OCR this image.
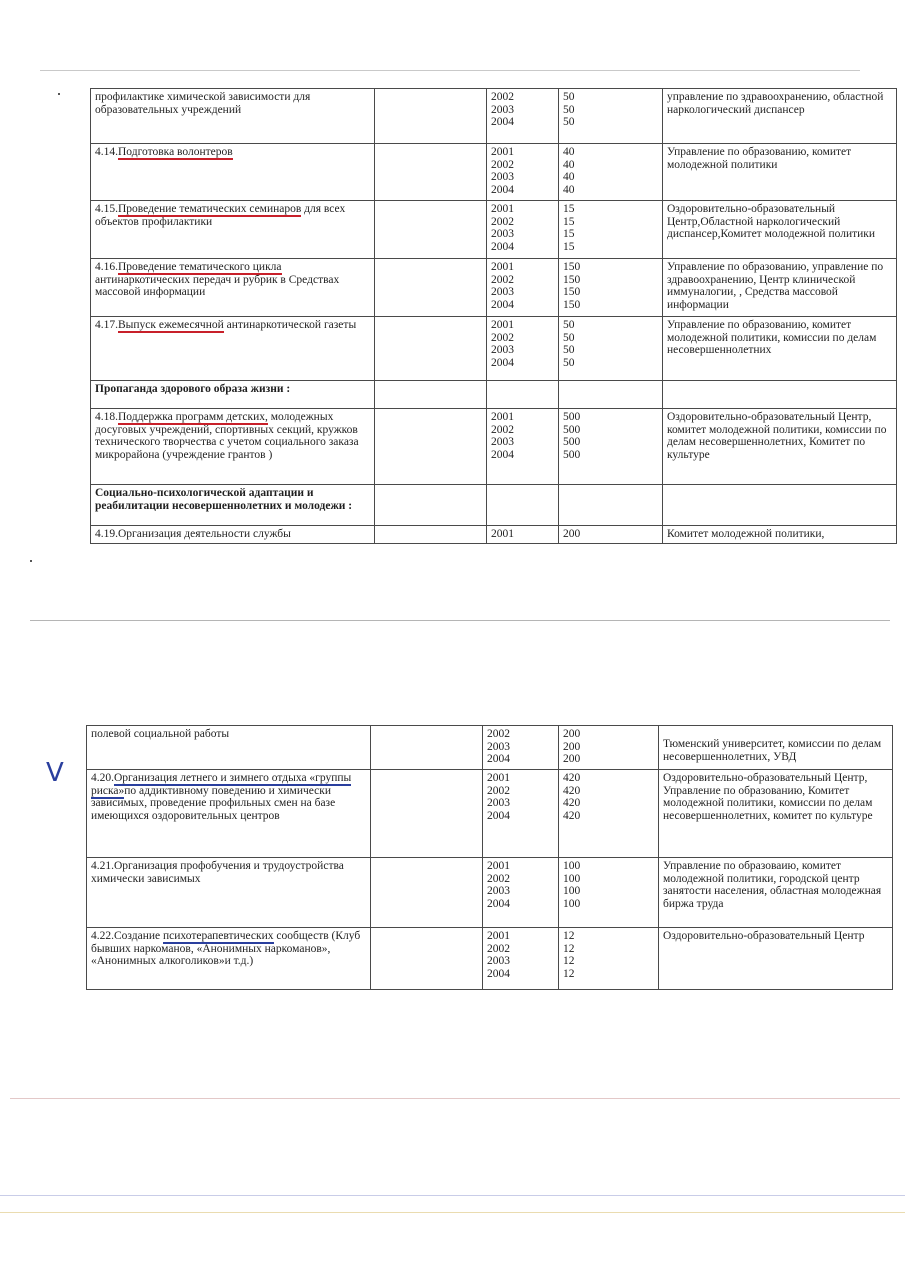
профилактике химической зависимости для образовательных учреждений		2002
2003
2004	50
50
50	управление по здравоохранению, областной наркологический диспансер
4.14.Подготовка волонтеров		2001
2002
2003
2004	40
40
40
40	Управление по образованию, комитет молодежной политики
4.15.Проведение тематических семинаров для всех объектов профилактики		2001
2002
2003
2004	15
15
15
15	Оздоровительно-образовательный Центр,Областной наркологический диспансер,Комитет молодежной политики
4.16.Проведение тематического цикла антинаркотических передач и рубрик в Средствах массовой информации		2001
2002
2003
2004	150
150
150
150	Управление по образованию, управление по здравоохранению, Центр клинической иммуналогии, , Средства массовой информации
4.17.Выпуск ежемесячной антинаркотической газеты		2001
2002
2003
2004	50
50
50
50	Управление по образованию, комитет молодежной политики, комиссии по делам несовершеннолетних
Пропаганда здорового образа жизни :				
4.18.Поддержка программ детских, молодежных досуговых учреждений, спортивных секций, кружков технического творчества с учетом социального заказа микрорайона (учреждение грантов )		2001
2002
2003
2004	500
500
500
500	Оздоровительно-образовательный Центр, комитет молодежной политики, комиссии по делам несовершеннолетних, Комитет по культуре
Социально-психологической адаптации и реабилитации несовершеннолетних и молодежи :				
4.19.Организация деятельности службы		2001	200	Комитет молодежной политики,
V
полевой социальной работы		2002
2003
2004	200
200
200	Тюменский университет, комиссии по делам несовершеннолетних, УВД
4.20.Организация летнего и зимнего отдыха «группы риска»по аддиктивному поведению и химически зависимых, проведение профильных смен на базе имеющихся оздоровительных центров		2001
2002
2003
2004	420
420
420
420	Оздоровительно-образовательный Центр, Управление по образованию, Комитет молодежной политики, комиссии по делам несовершеннолетних, комитет по культуре
4.21.Организация профобучения и трудоустройства химически зависимых		2001
2002
2003
2004	100
100
100
100	Управление по образоваию, комитет молодежной политики, городской центр занятости населения, областная молодежная биржа труда
4.22.Создание психотерапевтических сообществ (Клуб бывших наркоманов, «Анонимных наркоманов», «Анонимных алкоголиков»и т.д.)		2001
2002
2003
2004	12
12
12
12	Оздоровительно-образовательный Центр
